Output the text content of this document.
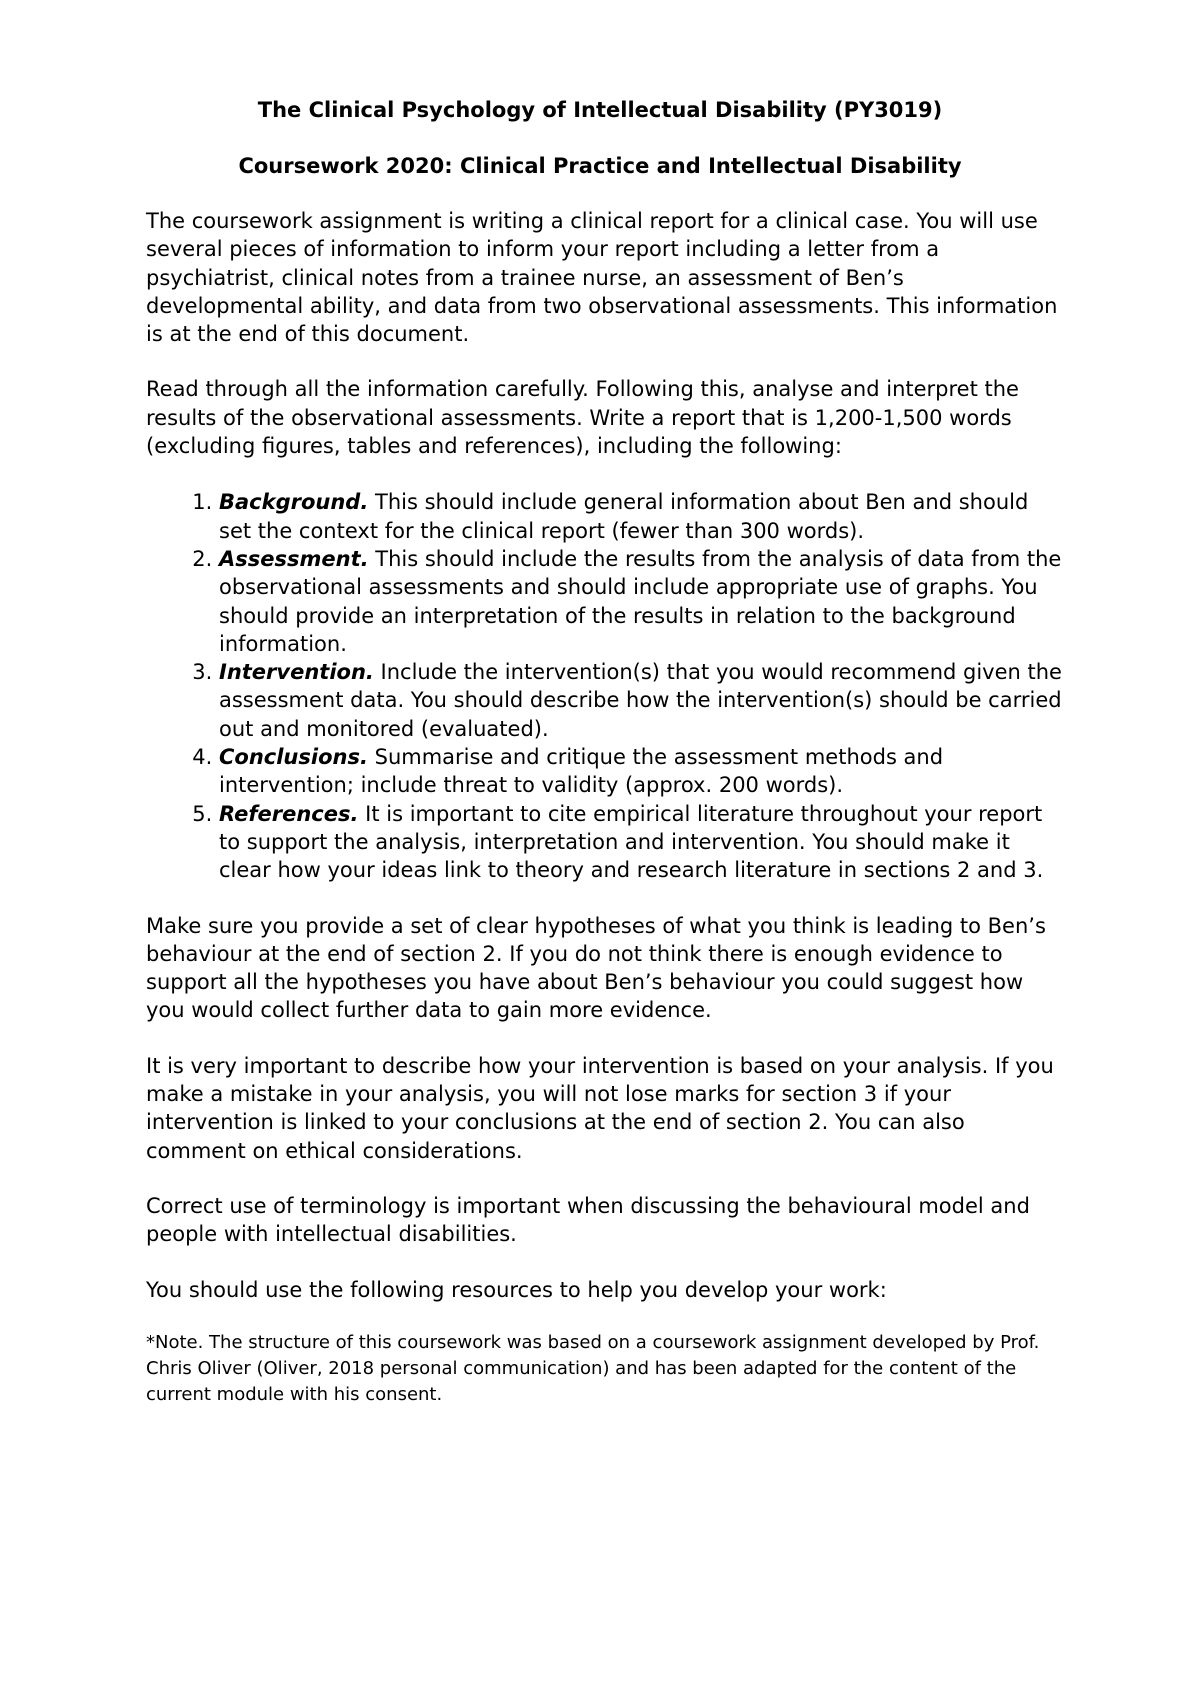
The Clinical Psychology of Intellectual Disability (PY3019)

Coursework 2020: Clinical Practice and Intellectual Disability

The coursework assignment is writing a clinical report for a clinical case. You will use several pieces of information to inform your report including a letter from a psychiatrist, clinical notes from a trainee nurse, an assessment of Ben’s developmental ability, and data from two observational assessments. This information is at the end of this document.

Read through all the information carefully. Following this, analyse and interpret the results of the observational assessments. Write a report that is 1,200-1,500 words (excluding figures, tables and references), including the following:

1. Background. This should include general information about Ben and should set the context for the clinical report (fewer than 300 words).
2. Assessment. This should include the results from the analysis of data from the observational assessments and should include appropriate use of graphs. You should provide an interpretation of the results in relation to the background information.
3. Intervention. Include the intervention(s) that you would recommend given the assessment data. You should describe how the intervention(s) should be carried out and monitored (evaluated).
4. Conclusions. Summarise and critique the assessment methods and intervention; include threat to validity (approx. 200 words).
5. References. It is important to cite empirical literature throughout your report to support the analysis, interpretation and intervention. You should make it clear how your ideas link to theory and research literature in sections 2 and 3.

Make sure you provide a set of clear hypotheses of what you think is leading to Ben’s behaviour at the end of section 2. If you do not think there is enough evidence to support all the hypotheses you have about Ben’s behaviour you could suggest how you would collect further data to gain more evidence.

It is very important to describe how your intervention is based on your analysis. If you make a mistake in your analysis, you will not lose marks for section 3 if your intervention is linked to your conclusions at the end of section 2. You can also comment on ethical considerations.

Correct use of terminology is important when discussing the behavioural model and people with intellectual disabilities.

You should use the following resources to help you develop your work:

*Note. The structure of this coursework was based on a coursework assignment developed by Prof. Chris Oliver (Oliver, 2018 personal communication) and has been adapted for the content of the current module with his consent.
